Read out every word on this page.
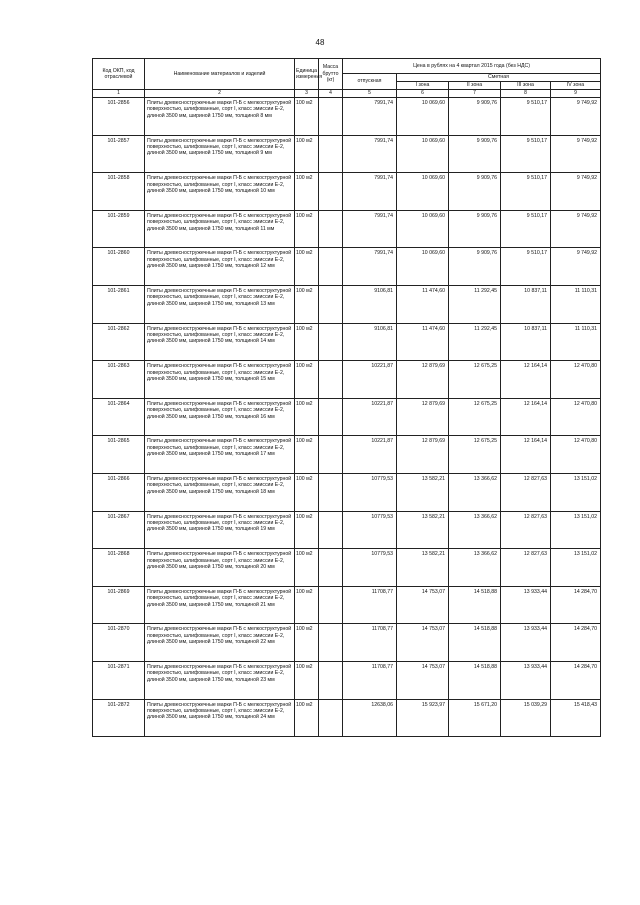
48
Код ОКП, код отраслевой	Наименование материалов и изделий	Единица измерения	Масса брутто (кг)	Цена в рублях на 4 квартал 2015 года (без НДС)				
				отпускная	Сметная			
					I зона	II зона	III зона	IV зона
1	2	3	4	5	6	7	8	9
101-2856	Плиты древесностружечные марки П-Б с мелкоструктурной поверхностью, шлифованные, сорт I, класс эмиссии Е-2, длиной 3500 мм, шириной 1750 мм, толщиной 8 мм	100 м2		7991,74	10 069,60	9 909,76	9 510,17	9 749,92
101-2857	Плиты древесностружечные марки П-Б с мелкоструктурной поверхностью, шлифованные, сорт I, класс эмиссии Е-2, длиной 3500 мм, шириной 1750 мм, толщиной 9 мм	100 м2		7991,74	10 069,60	9 909,76	9 510,17	9 749,92
101-2858	Плиты древесностружечные марки П-Б с мелкоструктурной поверхностью, шлифованные, сорт I, класс эмиссии Е-2, длиной 3500 мм, шириной 1750 мм, толщиной 10 мм	100 м2		7991,74	10 069,60	9 909,76	9 510,17	9 749,92
101-2859	Плиты древесностружечные марки П-Б с мелкоструктурной поверхностью, шлифованные, сорт I, класс эмиссии Е-2, длиной 3500 мм, шириной 1750 мм, толщиной 11 мм	100 м2		7991,74	10 069,60	9 909,76	9 510,17	9 749,92
101-2860	Плиты древесностружечные марки П-Б с мелкоструктурной поверхностью, шлифованные, сорт I, класс эмиссии Е-2, длиной 3500 мм, шириной 1750 мм, толщиной 12 мм	100 м2		7991,74	10 069,60	9 909,76	9 510,17	9 749,92
101-2861	Плиты древесностружечные марки П-Б с мелкоструктурной поверхностью, шлифованные, сорт I, класс эмиссии Е-2, длиной 3500 мм, шириной 1750 мм, толщиной 13 мм	100 м2		9106,81	11 474,60	11 292,45	10 837,11	11 110,31
101-2862	Плиты древесностружечные марки П-Б с мелкоструктурной поверхностью, шлифованные, сорт I, класс эмиссии Е-2, длиной 3500 мм, шириной 1750 мм, толщиной 14 мм	100 м2		9106,81	11 474,60	11 292,45	10 837,11	11 110,31
101-2863	Плиты древесностружечные марки П-Б с мелкоструктурной поверхностью, шлифованные, сорт I, класс эмиссии Е-2, длиной 3500 мм, шириной 1750 мм, толщиной 15 мм	100 м2		10221,87	12 879,69	12 675,25	12 164,14	12 470,80
101-2864	Плиты древесностружечные марки П-Б с мелкоструктурной поверхностью, шлифованные, сорт I, класс эмиссии Е-2, длиной 3500 мм, шириной 1750 мм, толщиной 16 мм	100 м2		10221,87	12 879,69	12 675,25	12 164,14	12 470,80
101-2865	Плиты древесностружечные марки П-Б с мелкоструктурной поверхностью, шлифованные, сорт I, класс эмиссии Е-2, длиной 3500 мм, шириной 1750 мм, толщиной 17 мм	100 м2		10221,87	12 879,69	12 675,25	12 164,14	12 470,80
101-2866	Плиты древесностружечные марки П-Б с мелкоструктурной поверхностью, шлифованные, сорт I, класс эмиссии Е-2, длиной 3500 мм, шириной 1750 мм, толщиной 18 мм	100 м2		10779,53	13 582,21	13 366,62	12 827,63	13 151,02
101-2867	Плиты древесностружечные марки П-Б с мелкоструктурной поверхностью, шлифованные, сорт I, класс эмиссии Е-2, длиной 3500 мм, шириной 1750 мм, толщиной 19 мм	100 м2		10779,53	13 582,21	13 366,62	12 827,63	13 151,02
101-2868	Плиты древесностружечные марки П-Б с мелкоструктурной поверхностью, шлифованные, сорт I, класс эмиссии Е-2, длиной 3500 мм, шириной 1750 мм, толщиной 20 мм	100 м2		10779,53	13 582,21	13 366,62	12 827,63	13 151,02
101-2869	Плиты древесностружечные марки П-Б с мелкоструктурной поверхностью, шлифованные, сорт I, класс эмиссии Е-2, длиной 3500 мм, шириной 1750 мм, толщиной 21 мм	100 м2		11708,77	14 753,07	14 518,88	13 933,44	14 284,70
101-2870	Плиты древесностружечные марки П-Б с мелкоструктурной поверхностью, шлифованные, сорт I, класс эмиссии Е-2, длиной 3500 мм, шириной 1750 мм, толщиной 22 мм	100 м2		11708,77	14 753,07	14 518,88	13 933,44	14 284,70
101-2871	Плиты древесностружечные марки П-Б с мелкоструктурной поверхностью, шлифованные, сорт I, класс эмиссии Е-2, длиной 3500 мм, шириной 1750 мм, толщиной 23 мм	100 м2		11708,77	14 753,07	14 518,88	13 933,44	14 284,70
101-2872	Плиты древесностружечные марки П-Б с мелкоструктурной поверхностью, шлифованные, сорт I, класс эмиссии Е-2, длиной 3500 мм, шириной 1750 мм, толщиной 24 мм	100 м2		12638,06	15 923,97	15 671,20	15 039,29	15 418,43
